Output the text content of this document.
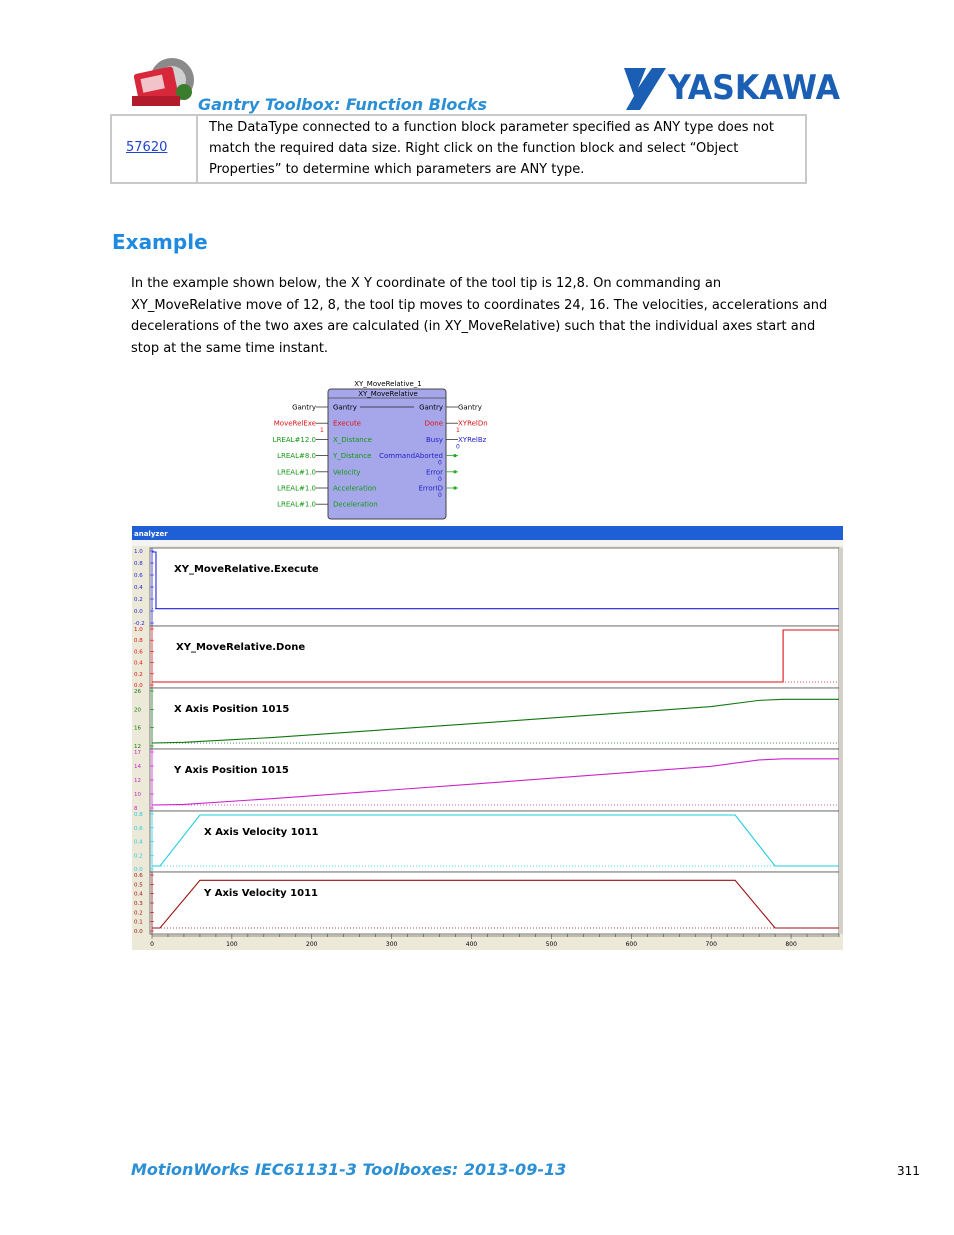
Gantry Toolbox: Function Blocks	YASKAWA
57620
The DataType connected to a function block parameter specified as ANY type does not match the required data size. Right click on the function block and select “Object Properties” to determine which parameters are ANY type.
Example
In the example shown below, the X Y coordinate of the tool tip is 12,8. On commanding an XY_MoveRelative move of 12, 8, the tool tip moves to coordinates 24, 16. The velocities, accelerations and decelerations of the two axes are calculated (in XY_MoveRelative) such that the individual axes start and stop at the same time instant.
XY_MoveRelative_1
XY_MoveRelative
Gantry Gantry
MoveRelExe Execute
1
LREAL#12.0 X_Distance
LREAL#8.0 Y_Distance
LREAL#1.0 Velocity
LREAL#1.0 Acceleration
LREAL#1.0 Deceleration
Gantry Gantry
Done XYRelDn
1
Busy XYRelBz
0
CommandAborted
0
Error
0
ErrorID
0
analyzer
1.0
0.8
0.6
0.4
0.2
0.0
-0.2
XY_MoveRelative.Execute
1.0
0.8
0.6
0.4
0.2
0.0
XY_MoveRelative.Done
26
20
16
12
X Axis Position 1015
17
14
12
10
8
Y Axis Position 1015
0.8
0.6
0.4
0.2
0.0
X Axis Velocity 1011
0.6
0.5
0.4
0.3
0.2
0.1
0.0
Y Axis Velocity 1011
0	100	200	300	400	500	600	700	800
MotionWorks IEC61131-3 Toolboxes: 2013-09-13	311
